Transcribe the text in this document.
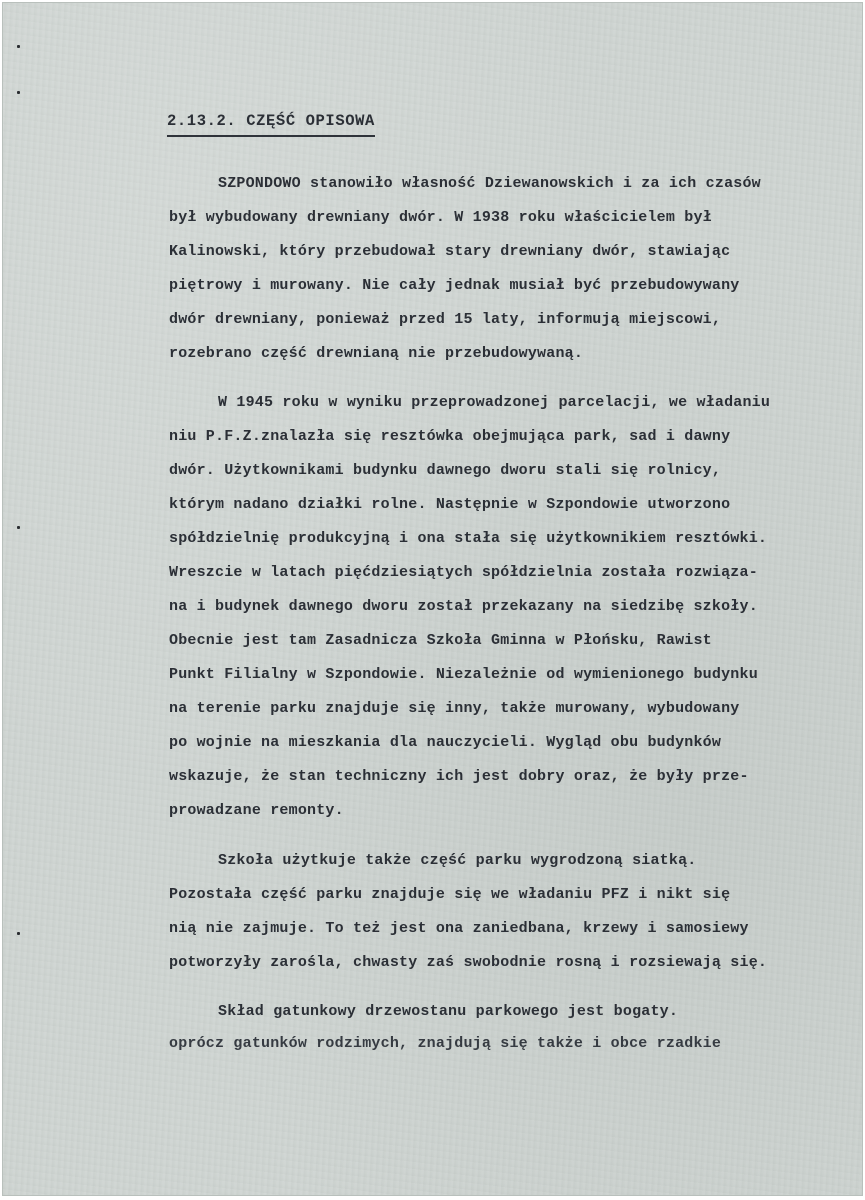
2.13.2. CZĘŚĆ OPISOWA
SZPONDOWO stanowiło własność Dziewanowskich i za ich czasów
był wybudowany drewniany dwór. W 1938 roku właścicielem był
Kalinowski, który przebudował stary drewniany dwór, stawiając
piętrowy i murowany. Nie cały jednak musiał być przebudowywany
dwór drewniany, ponieważ przed 15 laty, informują miejscowi,
rozebrano część drewnianą nie przebudowywaną.
W 1945 roku w wyniku przeprowadzonej parcelacji, we władaniu
niu P.F.Z.znalazła się resztówka obejmująca park, sad i dawny
dwór. Użytkownikami budynku dawnego dworu stali się rolnicy,
którym nadano działki rolne. Następnie w Szpondowie utworzono
spółdzielnię produkcyjną i ona stała się użytkownikiem resztówki.
Wreszcie w latach pięćdziesiątych spółdzielnia została rozwiąza-
na i budynek dawnego dworu został przekazany na siedzibę szkoły.
Obecnie jest tam Zasadnicza Szkoła Gminna w Płońsku, Rawist
Punkt Filialny w Szpondowie. Niezależnie od wymienionego budynku
na terenie parku znajduje się inny, także murowany, wybudowany
po wojnie na mieszkania dla nauczycieli. Wygląd obu budynków
wskazuje, że stan techniczny ich jest dobry oraz, że były prze-
prowadzane remonty.
Szkoła użytkuje także część parku wygrodzoną siatką.
Pozostała część parku znajduje się we władaniu PFZ i nikt się
nią nie zajmuje. To też jest ona zaniedbana, krzewy i samosiewy
potworzyły zarośla, chwasty zaś swobodnie rosną i rozsiewają się.
Skład gatunkowy drzewostanu parkowego jest bogaty.
oprócz gatunków rodzimych, znajdują się także i obce rzadkie
